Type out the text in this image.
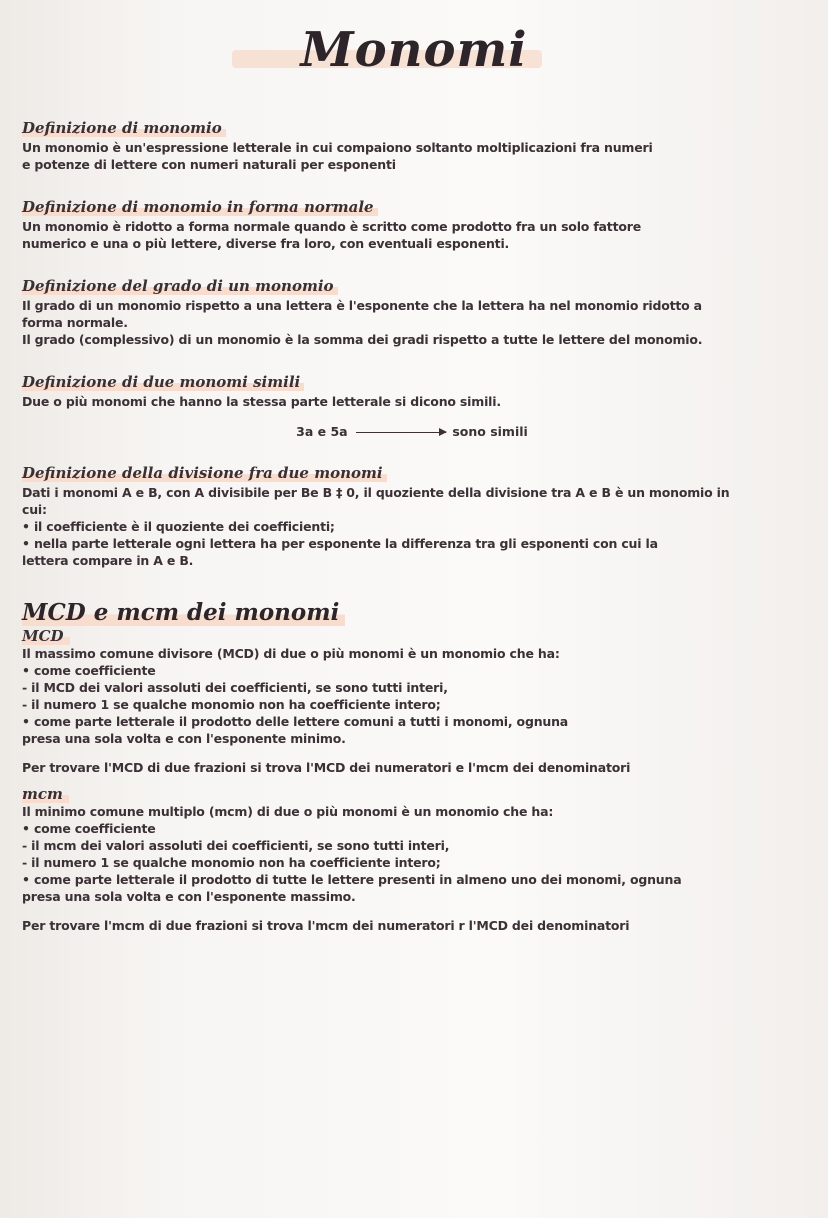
Monomi
Definizione di monomio
Un monomio è un'espressione letterale in cui compaiono soltanto moltiplicazioni fra numeri
e potenze di lettere con numeri naturali per esponenti
Definizione di monomio in forma normale
Un monomio è ridotto a forma normale quando è scritto come prodotto fra un solo fattore
numerico e una o più lettere, diverse fra loro, con eventuali esponenti.
Definizione del grado di un monomio
Il grado di un monomio rispetto a una lettera è l'esponente che la lettera ha nel monomio ridotto a
forma normale.
Il grado (complessivo) di un monomio è la somma dei gradi rispetto a tutte le lettere del monomio.
Definizione di due monomi simili
Due o più monomi che hanno la stessa parte letterale si dicono simili.
3a e 5a	sono simili
Definizione della divisione fra due monomi
Dati i monomi A e B, con A divisibile per Be B ‡ 0, il quoziente della divisione tra A e B è un monomio in
cui:
• il coefficiente è il quoziente dei coefficienti;
• nella parte letterale ogni lettera ha per esponente la differenza tra gli esponenti con cui la
lettera compare in A e B.
MCD e mcm dei monomi
MCD
Il massimo comune divisore (MCD) di due o più monomi è un monomio che ha:
• come coefficiente
- il MCD dei valori assoluti dei coefficienti, se sono tutti interi,
- il numero 1 se qualche monomio non ha coefficiente intero;
• come parte letterale il prodotto delle lettere comuni a tutti i monomi, ognuna
presa una sola volta e con l'esponente minimo.
Per trovare l'MCD di due frazioni si trova l'MCD dei numeratori e l'mcm dei denominatori
mcm
Il minimo comune multiplo (mcm) di due o più monomi è un monomio che ha:
• come coefficiente
- il mcm dei valori assoluti dei coefficienti, se sono tutti interi,
- il numero 1 se qualche monomio non ha coefficiente intero;
• come parte letterale il prodotto di tutte le lettere presenti in almeno uno dei monomi, ognuna
presa una sola volta e con l'esponente massimo.
Per trovare l'mcm di due frazioni si trova l'mcm dei numeratori r l'MCD dei denominatori
